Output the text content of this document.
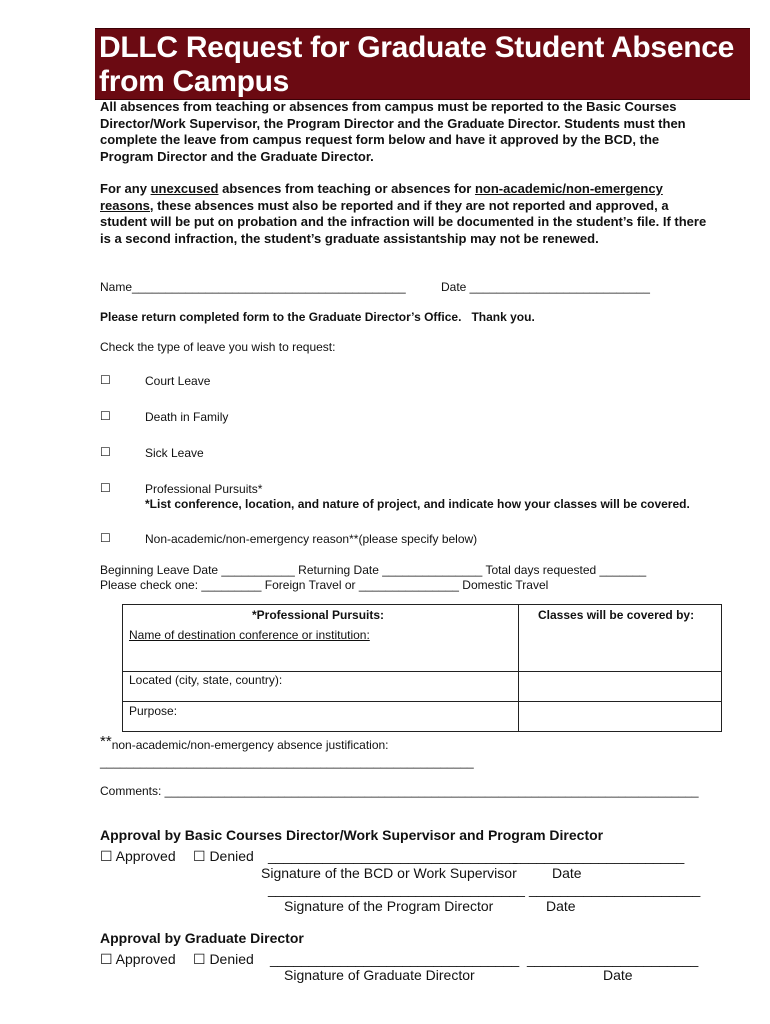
DLLC Request for Graduate Student Absence
from Campus
All absences from teaching or absences from campus must be reported to the Basic Courses
Director/Work Supervisor, the Program Director and the Graduate Director. Students must then
complete the leave from campus request form below and have it approved by the BCD, the
Program Director and the Graduate Director.
For any unexcused absences from teaching or absences for non-academic/non-emergency
reasons, these absences must also be reported and if they are not reported and approved, a
student will be put on probation and the infraction will be documented in the student’s file. If there
is a second infraction, the student’s graduate assistantship may not be renewed.
Name_________________________________________	Date ___________________________
Please return completed form to the Graduate Director’s Office. Thank you.
Check the type of leave you wish to request:
☐	Court Leave
☐	Death in Family
☐	Sick Leave
☐	Professional Pursuits*
*List conference, location, and nature of project, and indicate how your classes will be covered.
☐	Non-academic/non-emergency reason**(please specify below)
Beginning Leave Date ___________ Returning Date _______________ Total days requested _______
Please check one: _________ Foreign Travel or _______________ Domestic Travel
*Professional Pursuits:	Classes will be covered by:
Name of destination conference or institution:
Located (city, state, country):
Purpose:
**non-academic/non-emergency absence justification:
________________________________________________________
Comments: ________________________________________________________________________________
Approval by Basic Courses Director/Work Supervisor and Program Director
☐ Approved ☐ Denied ________________________________
______________________
Signature of the BCD or Work Supervisor	Date
_________________________________ ______________________
Signature of the Program Director	Date
Approval by Graduate Director
☐ Approved ☐ Denied ________________________________ ______________________
Signature of Graduate Director	Date
